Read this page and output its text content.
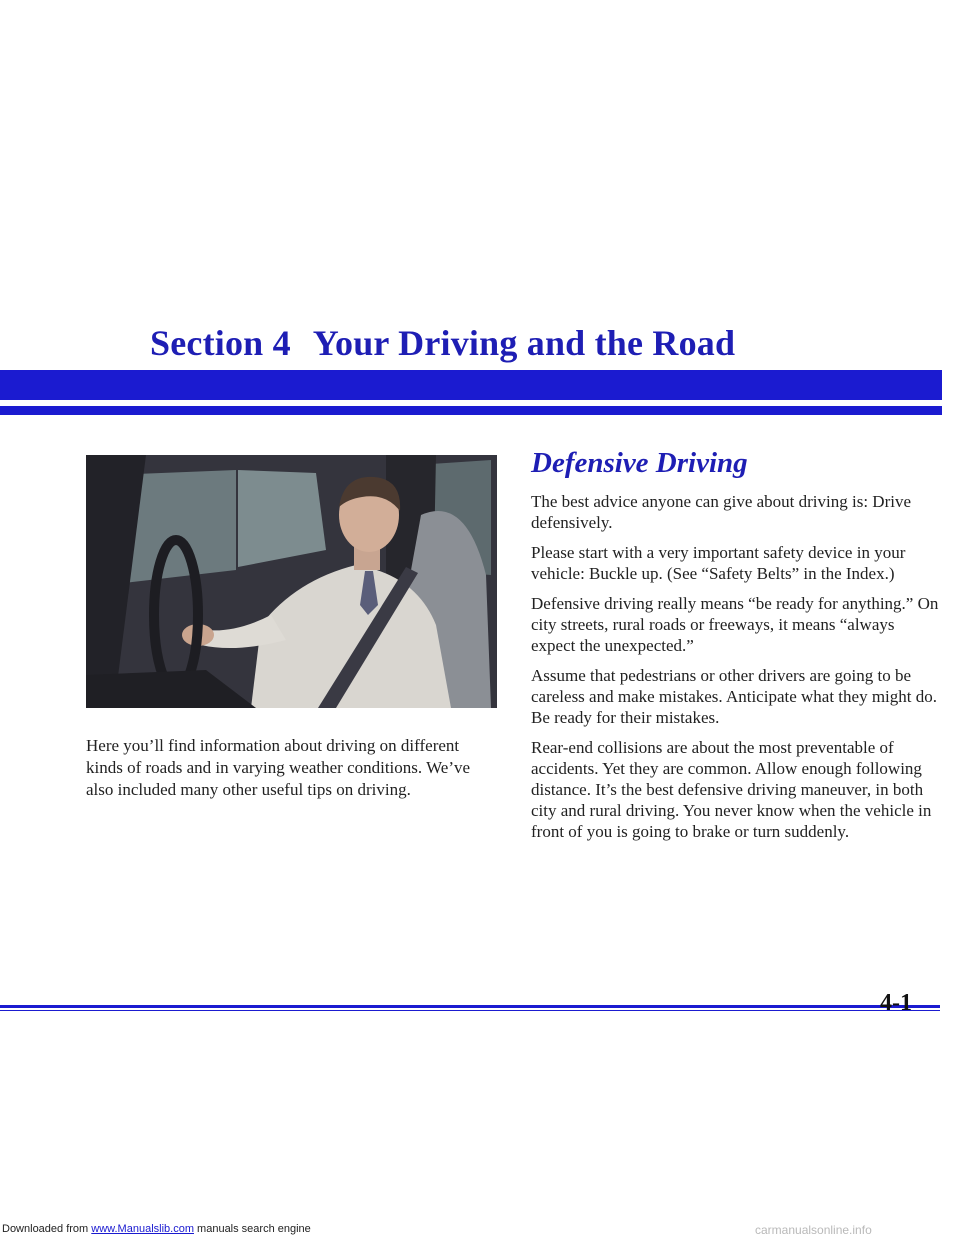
Section 4 Your Driving and the Road
Here you’ll find information about driving on different kinds of roads and in varying weather conditions. We’ve also included many other useful tips on driving.
Defensive Driving

The best advice anyone can give about driving is: Drive defensively.

Please start with a very important safety device in your vehicle: Buckle up. (See “Safety Belts” in the Index.)

Defensive driving really means “be ready for anything.” On city streets, rural roads or freeways, it means “always expect the unexpected.”

Assume that pedestrians or other drivers are going to be careless and make mistakes. Anticipate what they might do. Be ready for their mistakes.

Rear-end collisions are about the most preventable of accidents. Yet they are common. Allow enough following distance. It’s the best defensive driving maneuver, in both city and rural driving. You never know when the vehicle in front of you is going to brake or turn suddenly.

4-1
Downloaded from www.Manualslib.com manuals search engine	carmanualsonline.info
